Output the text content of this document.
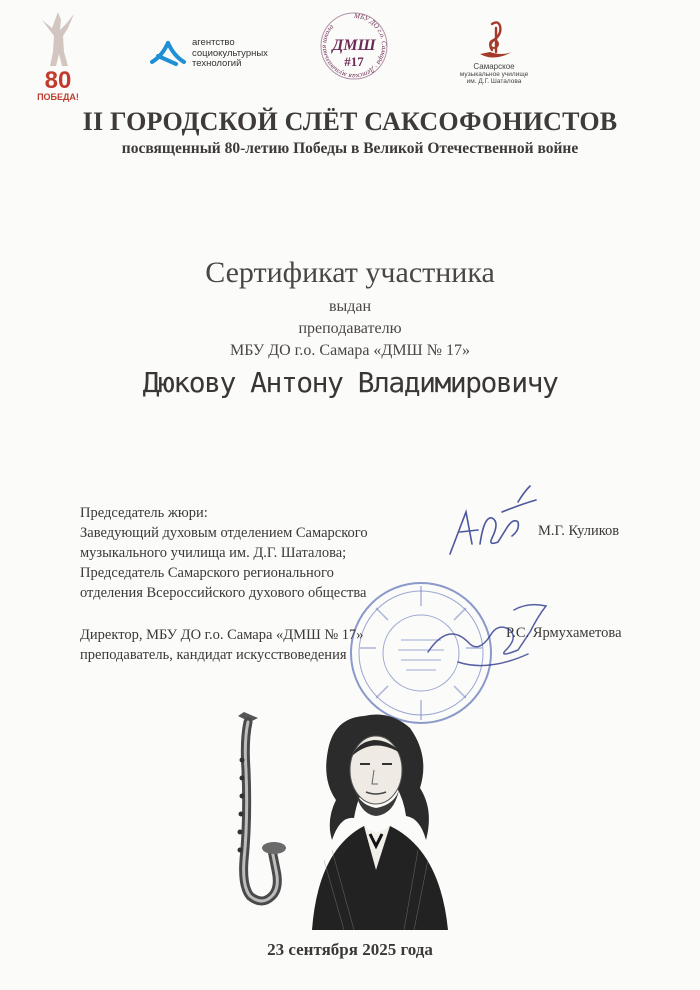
80
ПОБЕДА!
агентство
социокультурных
технологий
МБУ ДО г.о. Самара · Детская музыкальная школа
ДМШ
#17	Самарское
музыкальное училище
им. Д.Г. Шаталова
II ГОРОДСКОЙ СЛЁТ САКСОФОНИСТОВ
посвященный 80-летию Победы в Великой Отечественной войне
Сертификат участника
выдан
преподавателю
МБУ ДО г.о. Самара «ДМШ № 17»
Дюкову Антону Владимировичу
Председатель жюри:
Заведующий духовым отделением Самарского
музыкального училища им. Д.Г. Шаталова;
Председатель Самарского регионального
отделения Всероссийского духового общества
М.Г. Куликов
Директор, МБУ ДО г.о. Самара «ДМШ № 17»
преподаватель, кандидат искусствоведения
Р.С. Ярмухаметова
23 сентября 2025 года
